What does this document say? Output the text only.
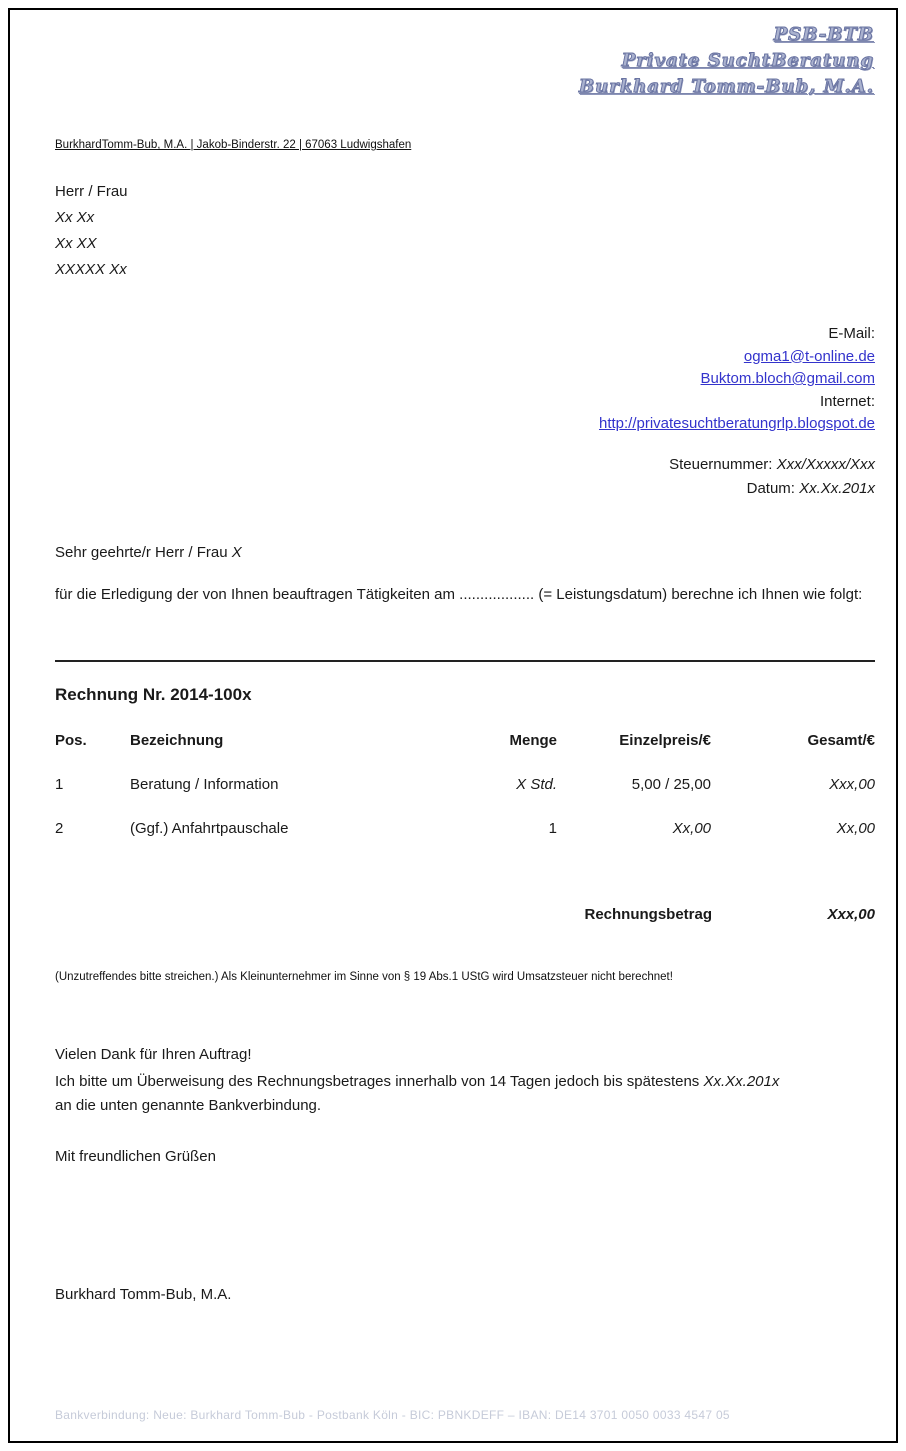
PSB-BTB
Private SuchtBeratung
Burkhard Tomm-Bub, M.A.
BurkhardTomm-Bub, M.A. | Jakob-Binderstr. 22 | 67063 Ludwigshafen
Herr / Frau
Xx Xx
Xx XX
XXXXX Xx
E-Mail:
ogma1@t-online.de
Buktom.bloch@gmail.com
Internet:
http://privatesuchtberatungrlp.blogspot.de
Steuernummer: Xxx/Xxxxx/Xxx
Datum: Xx.Xx.201x
Sehr geehrte/r Herr / Frau X
für die Erledigung der von Ihnen beauftragen Tätigkeiten am .................. (= Leistungsdatum) berechne ich Ihnen wie folgt:
Rechnung Nr. 2014-100x
Pos.	Bezeichnung	Menge	Einzelpreis/€	Gesamt/€
1	Beratung / Information	X Std.	5,00 / 25,00	Xxx,00
2	(Ggf.) Anfahrtpauschale	1	Xx,00	Xx,00
Rechnungsbetrag	Xxx,00
(Unzutreffendes bitte streichen.) Als Kleinunternehmer im Sinne von § 19 Abs.1 UStG wird Umsatzsteuer nicht berechnet!
Vielen Dank für Ihren Auftrag!
Ich bitte um Überweisung des Rechnungsbetrages innerhalb von 14 Tagen jedoch bis spätestens Xx.Xx.201x
an die unten genannte Bankverbindung.
Mit freundlichen Grüßen
Burkhard Tomm-Bub, M.A.
Bankverbindung: Neue: Burkhard Tomm-Bub - Postbank Köln - BIC: PBNKDEFF – IBAN: DE14 3701 0050 0033 4547 05
